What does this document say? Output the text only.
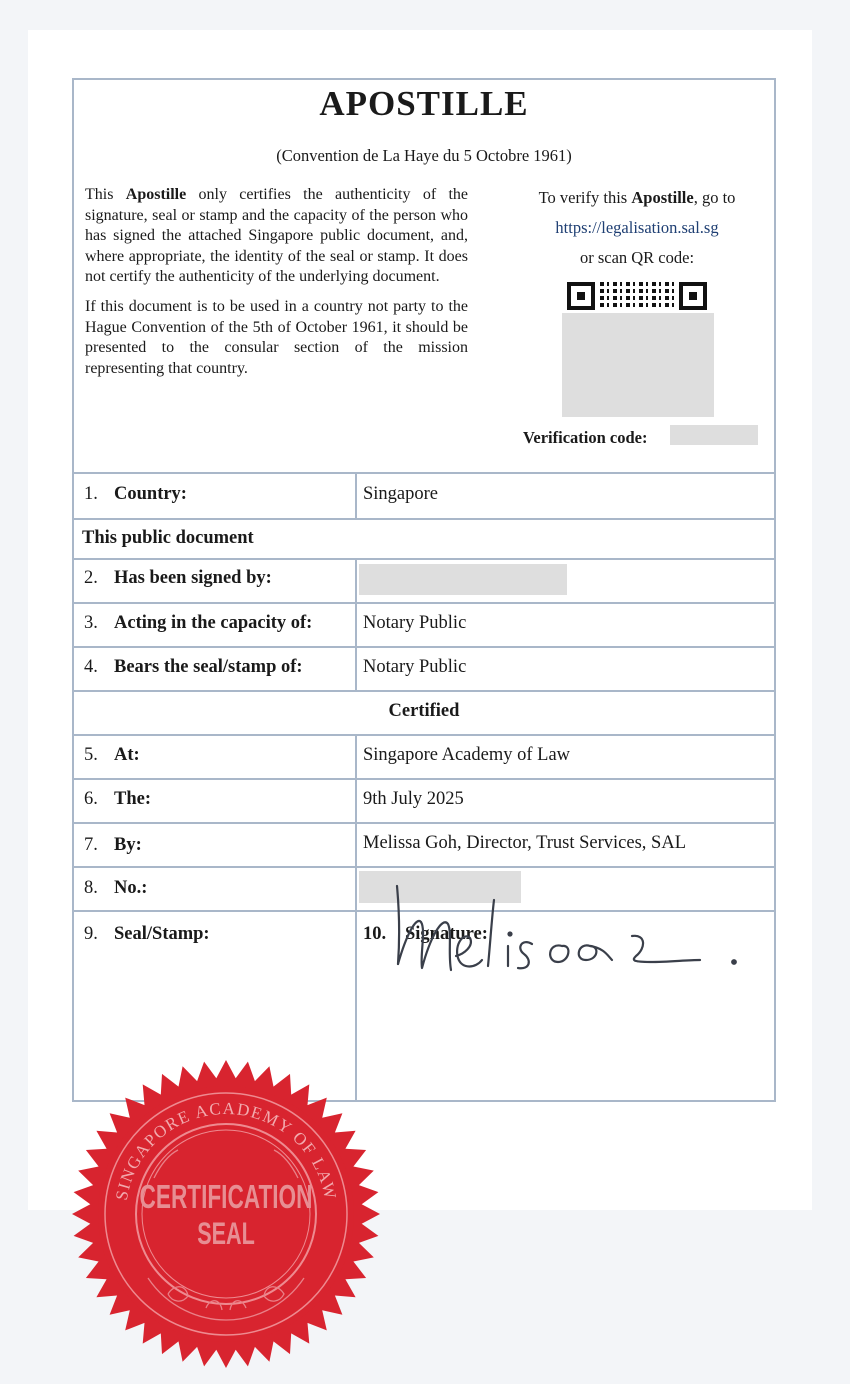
APOSTILLE
(Convention de La Haye du 5 Octobre 1961)

This Apostille only certifies the authenticity of the signature, seal or stamp and the capacity of the person who has signed the attached Singapore public document, and, where appropriate, the identity of the seal or stamp. It does not certify the authenticity of the underlying document.

If this document is to be used in a country not party to the Hague Convention of the 5th of October 1961, it should be presented to the consular section of the mission representing that country.

To verify this Apostille, go to
https://legalisation.sal.sg
or scan QR code:
Verification code:
1. Country:	Singapore
This public document
2. Has been signed by:
3. Acting in the capacity of:	Notary Public
4. Bears the seal/stamp of:	Notary Public
Certified
5. At:	Singapore Academy of Law
6. The:	9th July 2025
7. By:	Melissa Goh, Director, Trust Services, SAL
8. No.:
9. Seal/Stamp:	10. Signature:
SINGAPORE ACADEMY OF LAW
CERTIFICATION
SEAL
